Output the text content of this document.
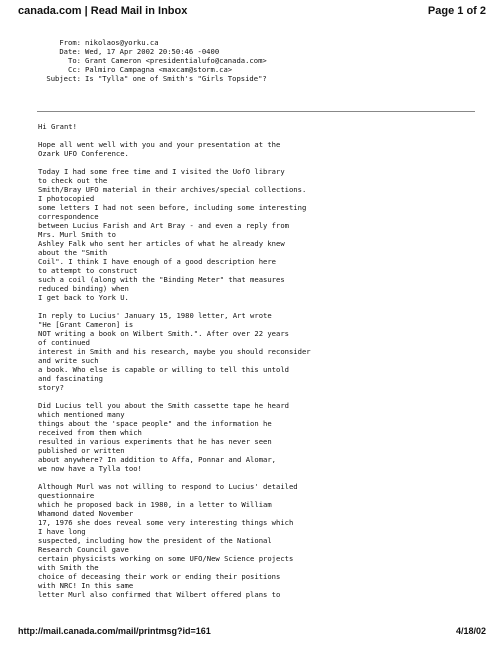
canada.com | Read Mail in Inbox	Page 1 of 2
From: nikolaos@yorku.ca
Date: Wed, 17 Apr 2002 20:50:46 -0400
To: Grant Cameron <presidentialufo@canada.com>
Cc: Palmiro Campagna <maxcam@storm.ca>
Subject: Is "Tylla" one of Smith's "Girls Topside"?
Hi Grant!
Hope all went well with you and your presentation at the
Ozark UFO Conference.
Today I had some free time and I visited the UofO library
to check out the
Smith/Bray UFO material in their archives/special collections.
I photocopied
some letters I had not seen before, including some interesting
correspondence
between Lucius Farish and Art Bray - and even a reply from
Mrs. Murl Smith to
Ashley Falk who sent her articles of what he already knew
about the "Smith
Coil". I think I have enough of a good description here
to attempt to construct
such a coil (along with the "Binding Meter" that measures
reduced binding) when
I get back to York U.
In reply to Lucius' January 15, 1980 letter, Art wrote
"He [Grant Cameron] is
NOT writing a book on Wilbert Smith.". After over 22 years
of continued
interest in Smith and his research, maybe you should reconsider
and write such
a book. Who else is capable or willing to tell this untold
and fascinating
story?
Did Lucius tell you about the Smith cassette tape he heard
which mentioned many
things about the 'space people" and the information he
received from them which
resulted in various experiments that he has never seen
published or written
about anywhere? In addition to Affa, Ponnar and Alomar,
we now have a Tylla too!
Although Murl was not willing to respond to Lucius' detailed
questionnaire
which he proposed back in 1980, in a letter to William
Whamond dated November
17, 1976 she does reveal some very interesting things which
I have long
suspected, including how the president of the National
Research Council gave
certain physicists working on some UFO/New Science projects
with Smith the
choice of deceasing their work or ending their positions
with NRC! In this same
letter Murl also confirmed that Wilbert offered plans to
http://mail.canada.com/mail/printmsg?id=161	4/18/02
